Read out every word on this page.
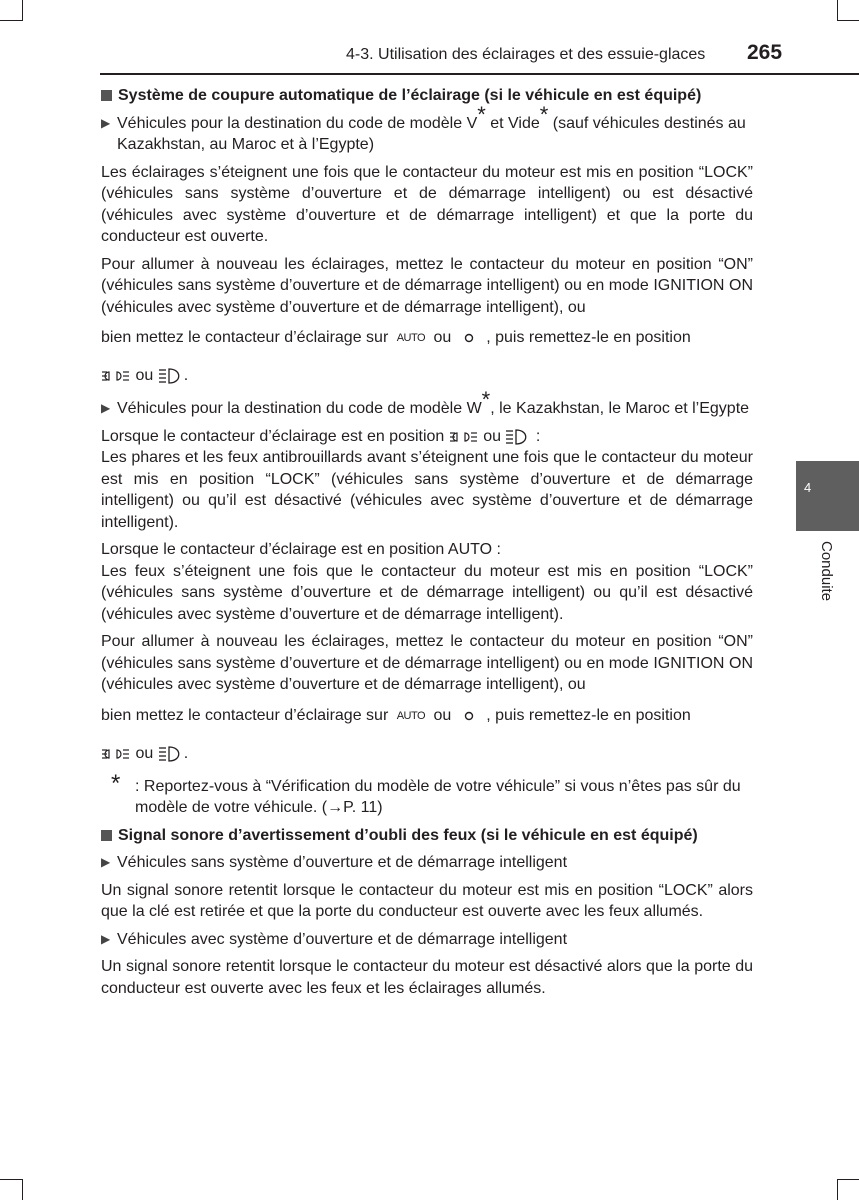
4-3. Utilisation des éclairages et des essuie-glaces 265
4
Conduite

Système de coupure automatique de l’éclairage (si le véhicule en est équipé)

▶ Véhicules pour la destination du code de modèle V* et Vide* (sauf véhicules destinés au Kazakhstan, au Maroc et à l’Egypte)

Les éclairages s’éteignent une fois que le contacteur du moteur est mis en position “LOCK” (véhicules sans système d’ouverture et de démarrage intelligent) ou est désactivé (véhicules avec système d’ouverture et de démarrage intelligent) et que la porte du conducteur est ouverte.

Pour allumer à nouveau les éclairages, mettez le contacteur du moteur en position “ON” (véhicules sans système d’ouverture et de démarrage intelligent) ou en mode IGNITION ON (véhicules avec système d’ouverture et de démarrage intelligent), ou

bien mettez le contacteur d’éclairage sur AUTO ou , puis remettez-le en position

ou .

▶ Véhicules pour la destination du code de modèle W*, le Kazakhstan, le Maroc et l’Egypte

Lorsque le contacteur d’éclairage est en position ou  :

Les phares et les feux antibrouillards avant s’éteignent une fois que le contacteur du moteur est mis en position “LOCK” (véhicules sans système d’ouverture et de démarrage intelligent) ou qu’il est désactivé (véhicules avec système d’ouverture et de démarrage intelligent).

Lorsque le contacteur d’éclairage est en position AUTO :

Les feux s’éteignent une fois que le contacteur du moteur est mis en position “LOCK” (véhicules sans système d’ouverture et de démarrage intelligent) ou qu’il est désactivé (véhicules avec système d’ouverture et de démarrage intelligent).

Pour allumer à nouveau les éclairages, mettez le contacteur du moteur en position “ON” (véhicules sans système d’ouverture et de démarrage intelligent) ou en mode IGNITION ON (véhicules avec système d’ouverture et de démarrage intelligent), ou

bien mettez le contacteur d’éclairage sur AUTO ou , puis remettez-le en position

ou .

* : Reportez-vous à “Vérification du modèle de votre véhicule” si vous n’êtes pas sûr du modèle de votre véhicule. (→P. 11)

Signal sonore d’avertissement d’oubli des feux (si le véhicule en est équipé)

▶ Véhicules sans système d’ouverture et de démarrage intelligent

Un signal sonore retentit lorsque le contacteur du moteur est mis en position “LOCK” alors que la clé est retirée et que la porte du conducteur est ouverte avec les feux allumés.

▶ Véhicules avec système d’ouverture et de démarrage intelligent

Un signal sonore retentit lorsque le contacteur du moteur est désactivé alors que la porte du conducteur est ouverte avec les feux et les éclairages allumés.
